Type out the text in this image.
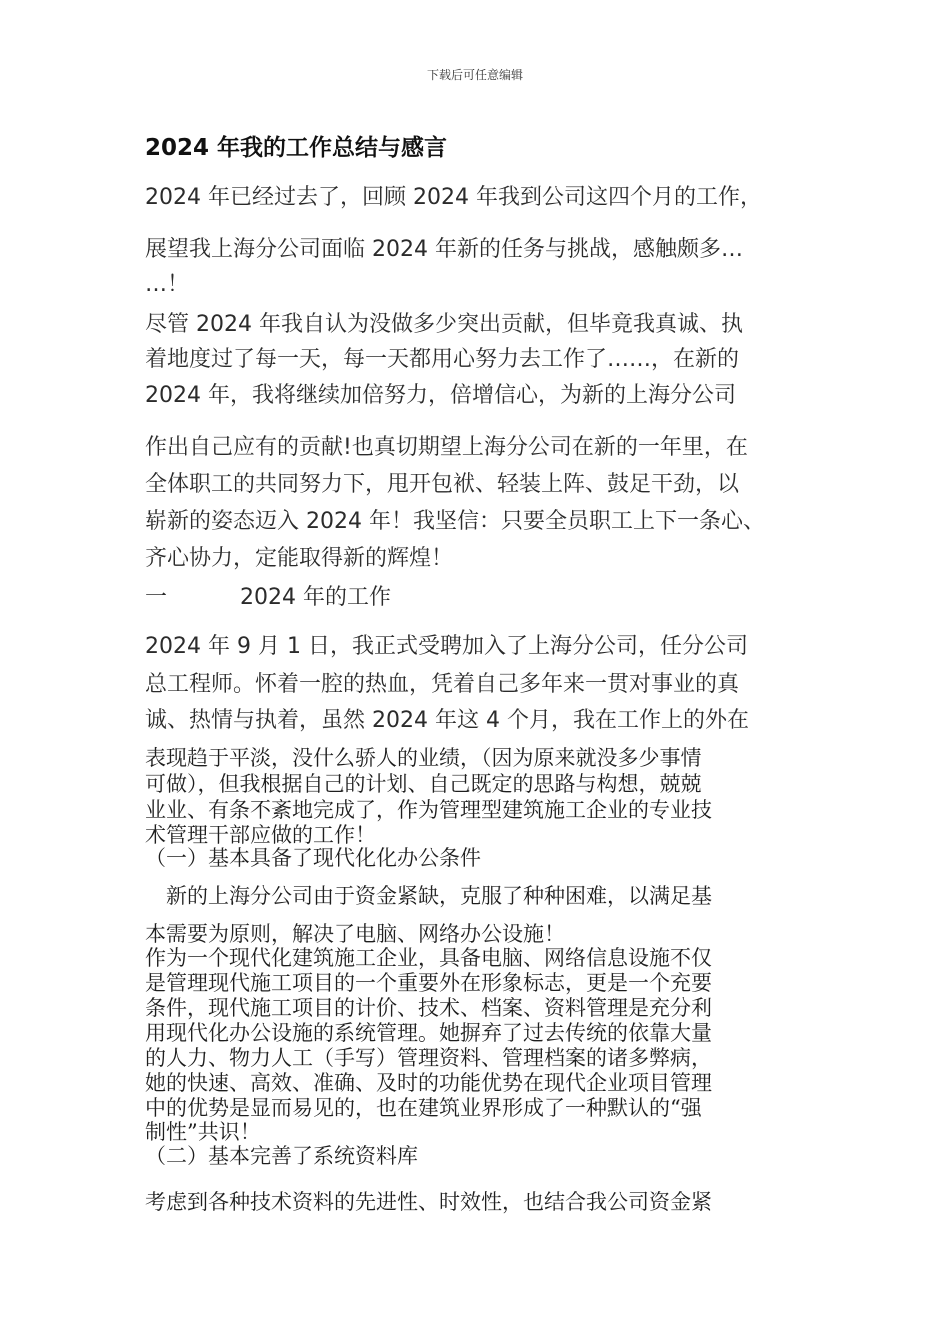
下载后可任意编辑
2024 年我的工作总结与感言
2024 年已经过去了，回顾 2024 年我到公司这四个月的工作，
展望我上海分公司面临 2024 年新的任务与挑战，感触颇多…
…！
尽管 2024 年我自认为没做多少突出贡献，但毕竟我真诚、执
着地度过了每一天，每一天都用心努力去工作了……，在新的
2024 年，我将继续加倍努力，倍增信心，为新的上海分公司
作出自己应有的贡献!也真切期望上海分公司在新的一年里，在
全体职工的共同努力下，甩开包袱、轻装上阵、鼓足干劲，以
崭新的姿态迈入 2024 年！我坚信：只要全员职工上下一条心、
齐心协力，定能取得新的辉煌！
一	2024 年的工作
2024 年 9 月 1 日，我正式受聘加入了上海分公司，任分公司
总工程师。怀着一腔的热血，凭着自己多年来一贯对事业的真
诚、热情与执着，虽然 2024 年这 4 个月，我在工作上的外在
表现趋于平淡，没什么骄人的业绩，（因为原来就没多少事情
可做），但我根据自己的计划、自己既定的思路与构想，兢兢
业业、有条不紊地完成了，作为管理型建筑施工企业的专业技
术管理干部应做的工作！
（一）基本具备了现代化化办公条件
　新的上海分公司由于资金紧缺，克服了种种困难，以满足基
本需要为原则，解决了电脑、网络办公设施！
作为一个现代化建筑施工企业，具备电脑、网络信息设施不仅
是管理现代施工项目的一个重要外在形象标志，更是一个充要
条件，现代施工项目的计价、技术、档案、资料管理是充分利
用现代化办公设施的系统管理。她摒弃了过去传统的依靠大量
的人力、物力人工（手写）管理资料、管理档案的诸多弊病，
她的快速、高效、准确、及时的功能优势在现代企业项目管理
中的优势是显而易见的，也在建筑业界形成了一种默认的“强
制性”共识！
（二）基本完善了系统资料库
考虑到各种技术资料的先进性、时效性，也结合我公司资金紧
